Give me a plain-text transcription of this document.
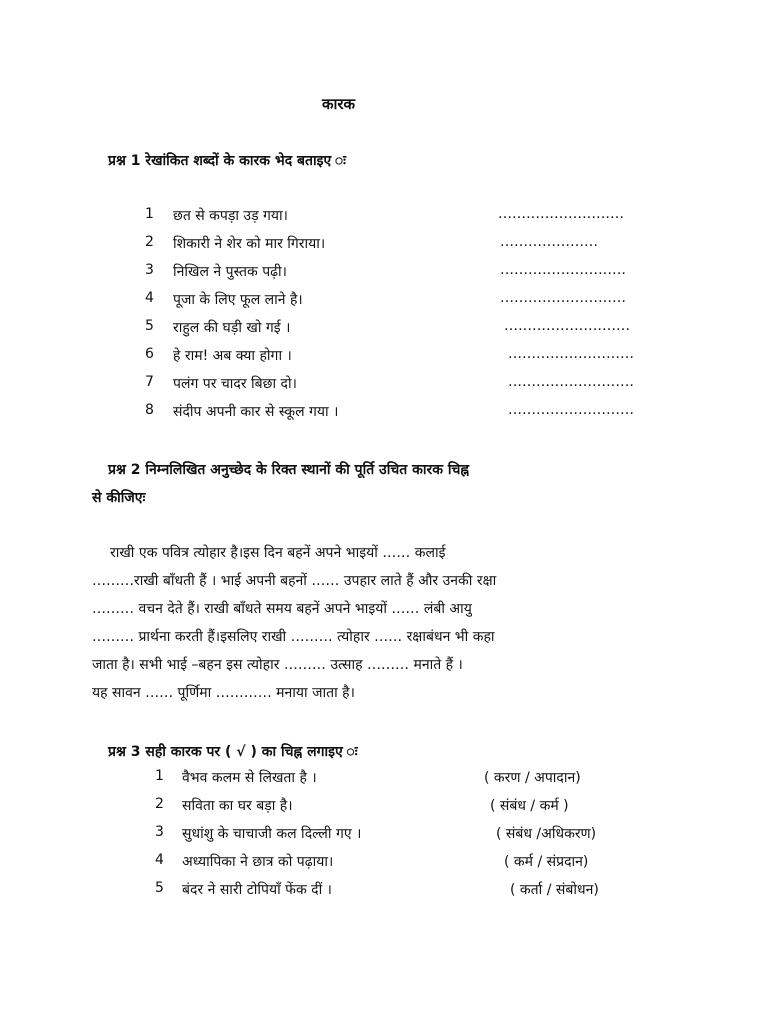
कारक
प्रश्न 1 रेखांकित शब्दों के कारक भेद बताइए ः
1 छत से कपड़ा उड़ गया।	………………………
2 शिकारी ने शेर को मार गिराया।	…………………
3 निखिल ने पुस्तक पढ़ी।	………………………
4 पूजा के लिए फूल लाने है।	………………………
5 राहुल की घड़ी खो गई ।	………………………
6 हे राम! अब क्या होगा ।	………………………
7 पलंग पर चादर बिछा दो।	………………………
8 संदीप अपनी कार से स्कूल गया ।	………………………
प्रश्न 2 निम्नलिखित अनुच्छेद के रिक्त स्थानों की पूर्ति उचित कारक चिह्न
से कीजिएः
राखी एक पवित्र त्योहार है।इस दिन बहनें अपने भाइयों …… कलाई
………राखी बाँधती हैं । भाई अपनी बहनों …… उपहार लाते हैं और उनकी रक्षा
……… वचन देते हैं। राखी बाँधते समय बहनें अपने भाइयों …… लंबी आयु
……… प्रार्थना करती हैं।इसलिए राखी ……… त्योहार …… रक्षाबंधन भी कहा
जाता है। सभी भाई –बहन इस त्योहार ……… उत्साह ……… मनाते हैं ।
यह सावन …… पूर्णिमा ………… मनाया जाता है।
प्रश्न 3 सही कारक पर ( √ ) का चिह्न लगाइए ः
1 वैभव कलम से लिखता है ।	( करण / अपादान)
2 सविता का घर बड़ा है।	( संबंध / कर्म )
3 सुधांशु के चाचाजी कल दिल्ली गए ।	( संबंध /अधिकरण)
4 अध्यापिका ने छात्र को पढ़ाया।	( कर्म / संप्रदान)
5 बंदर ने सारी टोपियाँ फेंक दीं ।	( कर्ता / संबोधन)
